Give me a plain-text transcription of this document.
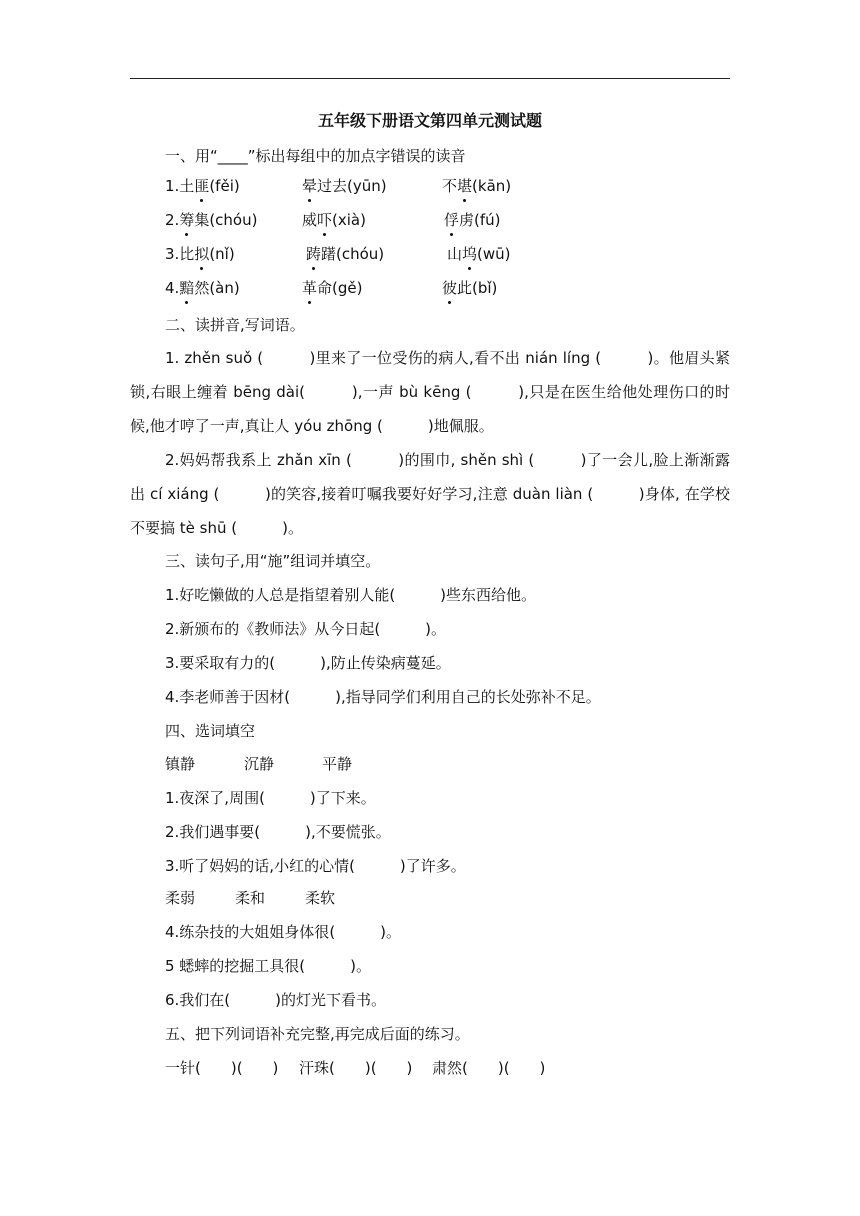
五年级下册语文第四单元测试题
一、用“____”标出每组中的加点字错误的读音
1.土匪(fěi)	晕过去(yūn)	不堪(kān)
2.筹集(chóu)	威吓(xià)	俘虏(fú)
3.比拟(nǐ)	踌躇(chóu)	山坞(wū)
4.黯然(àn)	革命(gě)	彼此(bǐ)
二、读拼音,写词语。
1. zhěn suǒ (　　　)里来了一位受伤的病人,看不出 nián líng (　　　)。他眉头紧锁,右眼上缠着 bēng dài(　　　),一声 bù kēng (　　　),只是在医生给他处理伤口的时候,他才哼了一声,真让人 yóu zhōng (　　　)地佩服。
2.妈妈帮我系上 zhǎn xīn (　　　)的围巾, shěn shì (　　　)了一会儿,脸上渐渐露出 cí xiáng (　　　)的笑容,接着叮嘱我要好好学习,注意 duàn liàn (　　　)身体, 在学校不要搞 tè shū (　　　)。
三、读句子,用“施”组词并填空。
1.好吃懒做的人总是指望着别人能(　　　)些东西给他。
2.新颁布的《教师法》从今日起(　　　)。
3.要采取有力的(　　　),防止传染病蔓延。
4.李老师善于因材(　　　),指导同学们利用自己的长处弥补不足。
四、选词填空
镇静	沉静	平静
1.夜深了,周围(　　　)了下来。
2.我们遇事要(　　　),不要慌张。
3.听了妈妈的话,小红的心情(　　　)了许多。
柔弱	柔和	柔软
4.练杂技的大姐姐身体很(　　　)。
5 蟋蟀的挖掘工具很(　　　)。
6.我们在(　　　)的灯光下看书。
五、把下列词语补充完整,再完成后面的练习。
一针(　　)(　　) 汗珠(　　)(　　) 肃然(　　)(　　)
